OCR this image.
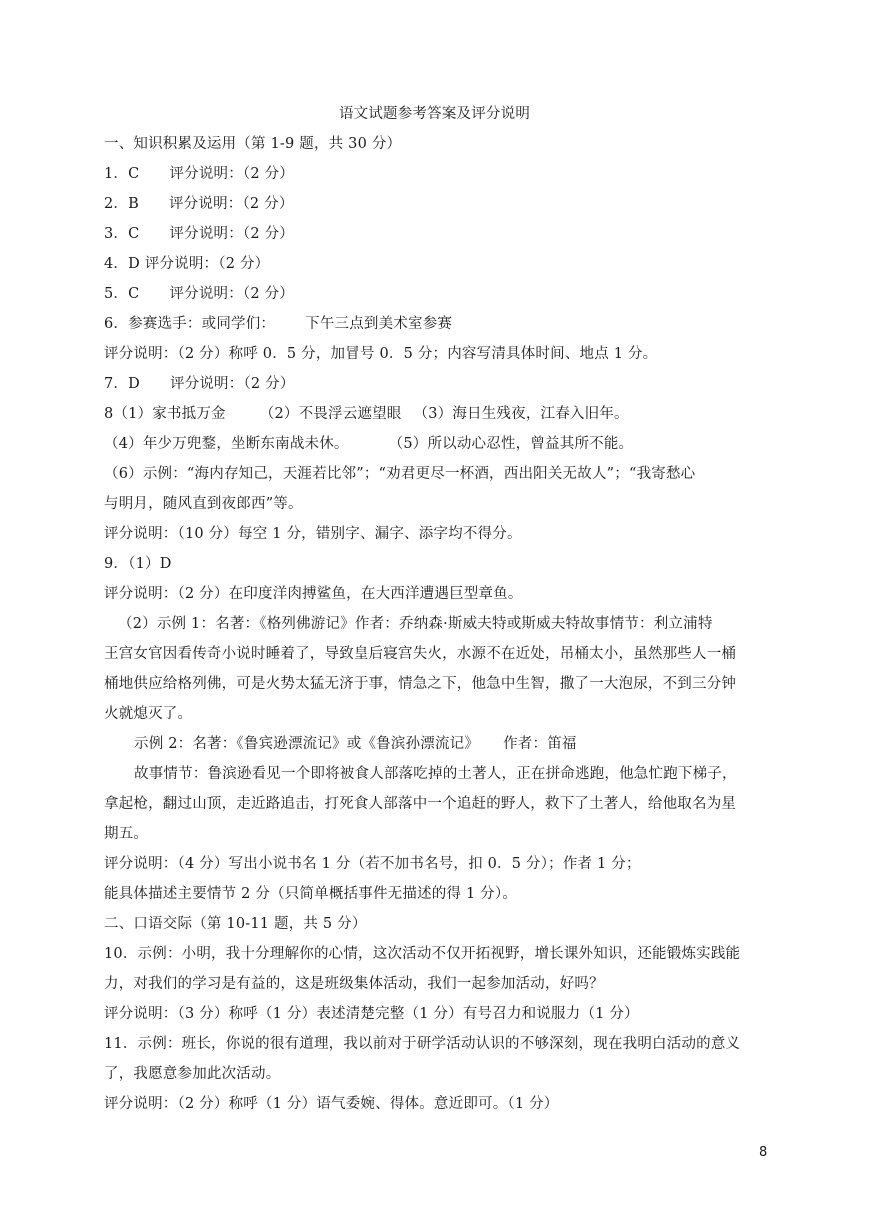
语文试题参考答案及评分说明
一、知识积累及运用（第 1-9 题，共 30 分）
1．C 评分说明：（2 分）
2．B 评分说明：（2 分）
3．C 评分说明：（2 分）
4．D 评分说明：（2 分）
5．C 评分说明：（2 分）
6．参赛选手：或同学们： 下午三点到美术室参赛
评分说明：（2 分）称呼 0．5 分，加冒号 0．5 分；内容写清具体时间、地点 1 分。
7．D 评分说明：（2 分）
8（1）家书抵万金 （2）不畏浮云遮望眼 （3）海日生残夜，江春入旧年。
（4）年少万兜鍪，坐断东南战未休。	（5）所以动心忍性，曾益其所不能。
（6）示例：“海内存知己，天涯若比邻”；“劝君更尽一杯酒，西出阳关无故人”；“我寄愁心
与明月，随风直到夜郎西”等。
评分说明：（10 分）每空 1 分，错别字、漏字、添字均不得分。
9．（1）D
评分说明：（2 分）在印度洋肉搏鲨鱼，在大西洋遭遇巨型章鱼。
（2）示例 1：名著：《格列佛游记》作者：乔纳森·斯威夫特或斯威夫特故事情节：利立浦特
王宫女官因看传奇小说时睡着了，导致皇后寝宫失火，水源不在近处，吊桶太小，虽然那些人一桶
桶地供应给格列佛，可是火势太猛无济于事，情急之下，他急中生智，撒了一大泡尿，不到三分钟
火就熄灭了。
示例 2：名著：《鲁宾逊漂流记》或《鲁滨孙漂流记》 作者：笛福
故事情节：鲁滨逊看见一个即将被食人部落吃掉的土著人，正在拼命逃跑，他急忙跑下梯子，
拿起枪，翻过山顶，走近路追击，打死食人部落中一个追赶的野人，救下了土著人，给他取名为星
期五。
评分说明：（4 分）写出小说书名 1 分（若不加书名号，扣 0．5 分）；作者 1 分；
能具体描述主要情节 2 分（只简单概括事件无描述的得 1 分）。
二、口语交际（第 10-11 题，共 5 分）
10．示例：小明，我十分理解你的心情，这次活动不仅开拓视野，增长课外知识，还能锻炼实践能
力，对我们的学习是有益的，这是班级集体活动，我们一起参加活动，好吗？
评分说明：（3 分）称呼（1 分）表述清楚完整（1 分）有号召力和说服力（1 分）
11．示例：班长，你说的很有道理，我以前对于研学活动认识的不够深刻，现在我明白活动的意义
了，我愿意参加此次活动。
评分说明：（2 分）称呼（1 分）语气委婉、得体。意近即可。（1 分）
8
